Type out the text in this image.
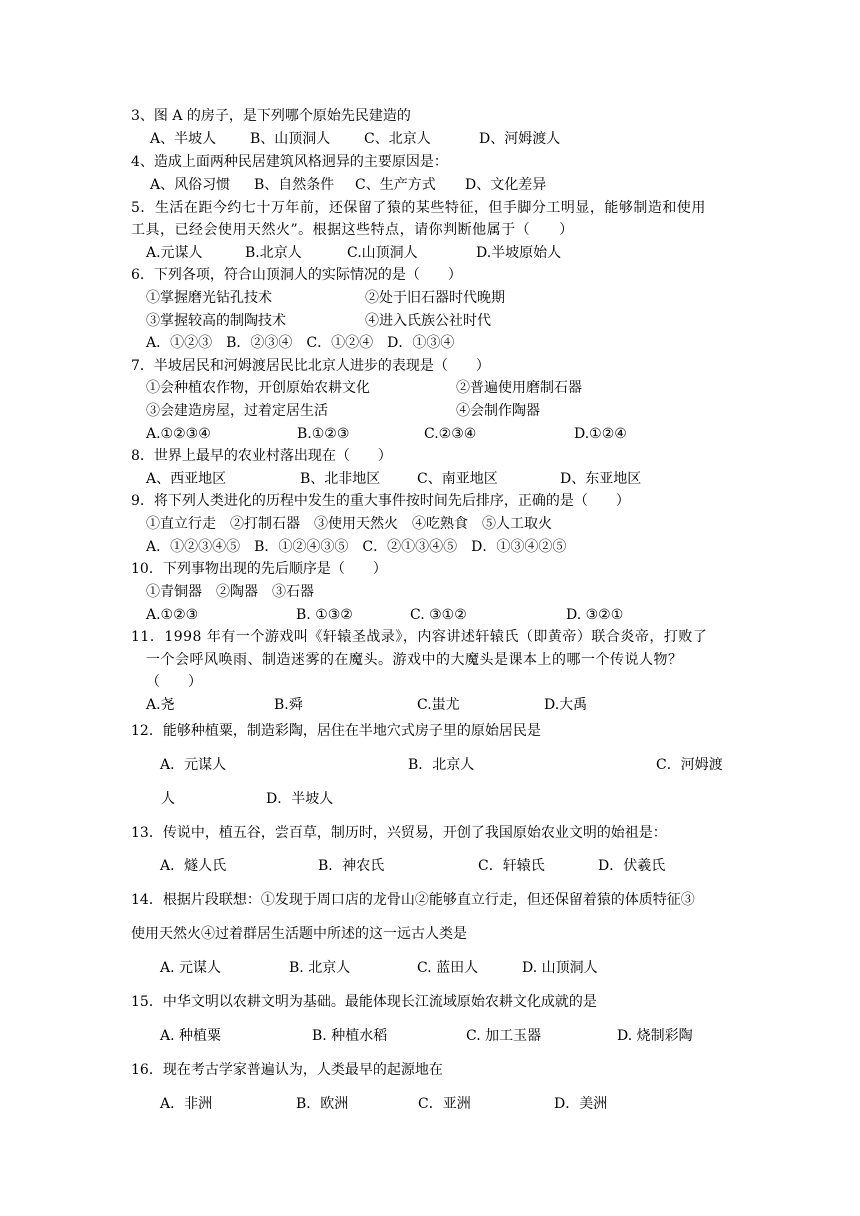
3、图 A 的房子，是下列哪个原始先民建造的
A、半坡人 B、山顶洞人 C、北京人	D、河姆渡人
4、造成上面两种民居建筑风格迥异的主要原因是：
A、风俗习惯 B、自然条件 C、生产方式 D、文化差异
5．生活在距今约七十万年前，还保留了猿的某些特征，但手脚分工明显，能够制造和使用
工具，已经会使用天然火”。根据这些特点，请你判断他属于（　　）
A.元谋人	B.北京人	C.山顶洞人	D.半坡原始人
6．下列各项，符合山顶洞人的实际情况的是（　　）
①掌握磨光钻孔技术	②处于旧石器时代晚期
③掌握较高的制陶技术	④进入氏族公社时代
A．①②③　B．②③④　C．①②④　D．①③④
7．半坡居民和河姆渡居民比北京人进步的表现是（　　）
①会种植农作物，开创原始农耕文化	②普遍使用磨制石器
③会建造房屋，过着定居生活	④会制作陶器
A.①②③④	B.①②③	C.②③④	D.①②④
8．世界上最早的农业村落出现在（　　）
A、西亚地区	B、北非地区	C、南亚地区	D、东亚地区
9．将下列人类进化的历程中发生的重大事件按时间先后排序，正确的是（　　）
①直立行走　②打制石器　③使用天然火　④吃熟食　⑤人工取火
A．①②③④⑤　B．①②④③⑤　C．②①③④⑤　D．①③④②⑤
10．下列事物出现的先后顺序是（　　）
①青铜器　②陶器　③石器
A.①②③	B. ①③②	C. ③①②	D. ③②①
11．1998 年有一个游戏叫《轩辕圣战录》，内容讲述轩辕氏（即黄帝）联合炎帝，打败了
一个会呼风唤雨、制造迷雾的在魔头。游戏中的大魔头是课本上的哪一个传说人物？
（　　）
A.尧	B.舜	C.蚩尤	D.大禹
12．能够种植粟，制造彩陶，居住在半地穴式房子里的原始居民是
A．元谋人	B．北京人	C．河姆渡
人	D．半坡人
13．传说中，植五谷，尝百草，制历时，兴贸易，开创了我国原始农业文明的始祖是：
A．燧人氏	B．神农氏	C．轩辕氏	D．伏羲氏
14．根据片段联想：①发现于周口店的龙骨山②能够直立行走，但还保留着猿的体质特征③
使用天然火④过着群居生活题中所述的这一远古人类是
A. 元谋人	B. 北京人	C. 蓝田人	D. 山顶洞人
15．中华文明以农耕文明为基础。最能体现长江流域原始农耕文化成就的是
A. 种植粟	B. 种植水稻	C. 加工玉器	D. 烧制彩陶
16．现在考古学家普遍认为，人类最早的起源地在
A．非洲	B．欧洲	C．亚洲	D．美洲
